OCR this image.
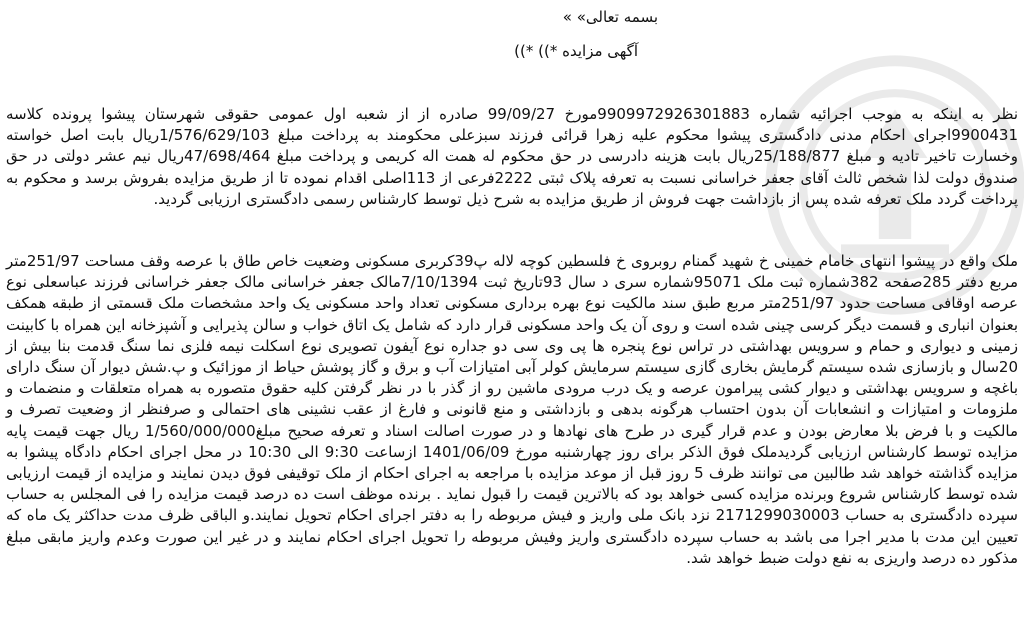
بسمه تعالی» »
آگهی مزایده *)) *))
نظر به اینکه به موجب اجرائیه شماره 9909972926301883مورخ 99/09/27 صادره از از شعبه اول عمومی حقوقی شهرستان پیشوا پرونده کلاسه 9900431اجرای احکام مدنی دادگستری پیشوا محکوم علیه زهرا قرائی فرزند سبزعلی محکومند به پرداخت مبلغ 1/576/629/103ریال بابت اصل خواسته وخسارت تاخیر تادیه و مبلغ 25/188/877ریال بابت هزینه دادرسی در حق محکوم له همت اله کریمی و پرداخت مبلغ 47/698/464ریال نیم عشر دولتی در حق صندوق دولت لذا شخص ثالث آقای جعفر خراسانی نسبت به تعرفه پلاک ثبتی 2222فرعی از 113اصلی اقدام نموده تا از طریق مزایده بفروش برسد و محکوم به پرداخت گردد ملک تعرفه شده پس از بازداشت جهت فروش از طریق مزایده به شرح ذیل توسط کارشناس رسمی دادگستری ارزیابی گردید.
ملک واقع در پیشوا انتهای خامام خمینی خ شهید گمنام روبروی خ فلسطین کوچه لاله پ39کربری مسکونی وضعیت خاص طاق با عرصه وقف مساحت 251/97متر مربع دفتر 285صفحه 382شماره ثبت ملک 95071شماره سری د سال 93تاریخ ثبت 7/10/1394مالک جعفر خراسانی مالک جعفر خراسانی فرزند عباسعلی نوع عرصه اوقافی مساحت حدود 251/97متر مربع طبق سند مالکیت نوع بهره برداری مسکونی تعداد واحد مسکونی یک واحد مشخصات ملک قسمتی از طبقه همکف بعنوان انباری و قسمت دیگر کرسی چینی شده است و روی آن یک واحد مسکونی قرار دارد که شامل یک اتاق خواب و سالن پذیرایی و آشپزخانه این همراه با کابینت زمینی و دیواری و حمام و سرویس بهداشتی در تراس نوع پنجره ها پی وی سی دو جداره نوع آیفون تصویری نوع اسکلت نیمه فلزی نما سنگ قدمت بنا بیش از 20سال و بازسازی شده سیستم گرمایش بخاری گازی سیستم سرمایش کولر آبی امتیازات آب و برق و گاز پوشش حیاط از موزائیک و پ.شش دیوار آن سنگ دارای باغچه و سرویس بهداشتی و دیوار کشی پیرامون عرصه و یک درب مرودی ماشین رو از گذر با در نظر گرفتن کلیه حقوق متصوره به همراه متعلقات و منضمات و ملزومات و امتیازات و انشعابات آن بدون احتساب هرگونه بدهی و بازداشتی و منع قانونی و فارغ از عقب نشینی های احتمالی و صرفنظر از وضعیت تصرف و مالکیت و با فرض بلا معارض بودن و عدم قرار گیری در طرح های نهادها و در صورت اصالت اسناد و تعرفه صحیح مبلغ1/560/000/000 ریال جهت قیمت پایه مزایده توسط کارشناس ارزیابی گردیدملک فوق الذکر برای روز چهارشنبه مورخ 1401/06/09 ازساعت 9:30 الی 10:30 در محل اجرای احکام دادگاه پیشوا به مزایده گذاشته خواهد شد طالبین می توانند ظرف 5 روز قبل از موعد مزایده با مراجعه به اجرای احکام از ملک توقیفی فوق دیدن نمایند و مزایده از قیمت ارزیابی شده توسط کارشناس شروع وبرنده مزایده کسی خواهد بود که بالاترین قیمت را قبول نماید . برنده موظف است ده درصد قیمت مزایده را فی المجلس به حساب سپرده دادگستری به حساب 2171299030003 نزد بانک ملی واریز و فیش مربوطه را به دفتر اجرای احکام تحویل نمایند.و الباقی ظرف مدت حداکثر یک ماه که تعیین این مدت با مدیر اجرا می باشد به حساب سپرده دادگستری واریز وفیش مربوطه را تحویل اجرای احکام نمایند و در غیر این صورت وعدم واریز مابقی مبلغ مذکور ده درصد واریزی به نفع دولت ضبط خواهد شد.
